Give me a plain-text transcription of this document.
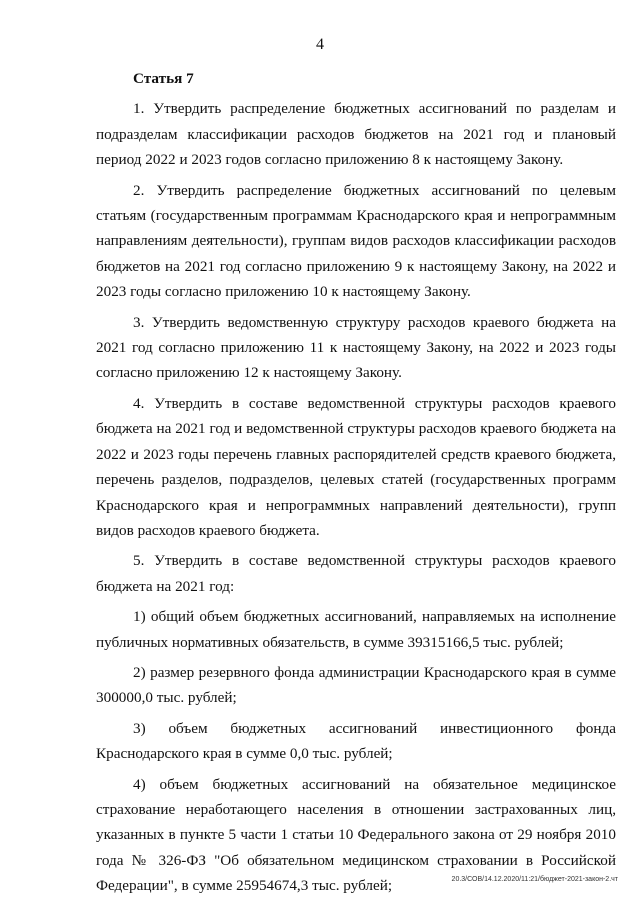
4

Статья 7

1. Утвердить распределение бюджетных ассигнований по разделам и подразделам классификации расходов бюджетов на 2021 год и плановый период 2022 и 2023 годов согласно приложению 8 к настоящему Закону.

2. Утвердить распределение бюджетных ассигнований по целевым статьям (государственным программам Краснодарского края и непрограммным направлениям деятельности), группам видов расходов классификации расходов бюджетов на 2021 год согласно приложению 9 к настоящему Закону, на 2022 и 2023 годы согласно приложению 10 к настоящему Закону.

3. Утвердить ведомственную структуру расходов краевого бюджета на 2021 год согласно приложению 11 к настоящему Закону, на 2022 и 2023 годы согласно приложению 12 к настоящему Закону.

4. Утвердить в составе ведомственной структуры расходов краевого бюджета на 2021 год и ведомственной структуры расходов краевого бюджета на 2022 и 2023 годы перечень главных распорядителей средств краевого бюджета, перечень разделов, подразделов, целевых статей (государственных программ Краснодарского края и непрограммных направлений деятельности), групп видов расходов краевого бюджета.

5. Утвердить в составе ведомственной структуры расходов краевого бюджета на 2021 год:

1) общий объем бюджетных ассигнований, направляемых на исполнение публичных нормативных обязательств, в сумме 39315166,5 тыс. рублей;

2) размер резервного фонда администрации Краснодарского края в сумме 300000,0 тыс. рублей;

3) объем бюджетных ассигнований инвестиционного фонда Краснодарского края в сумме 0,0 тыс. рублей;

4) объем бюджетных ассигнований на обязательное медицинское страхование неработающего населения в отношении застрахованных лиц, указанных в пункте 5 части 1 статьи 10 Федерального закона от 29 ноября 2010 года № 326-ФЗ "Об обязательном медицинском страховании в Российской Федерации", в сумме 25954674,3 тыс. рублей;	20.3/СОВ/14.12.2020/11:21/бюджет-2021-закон-2.чт
